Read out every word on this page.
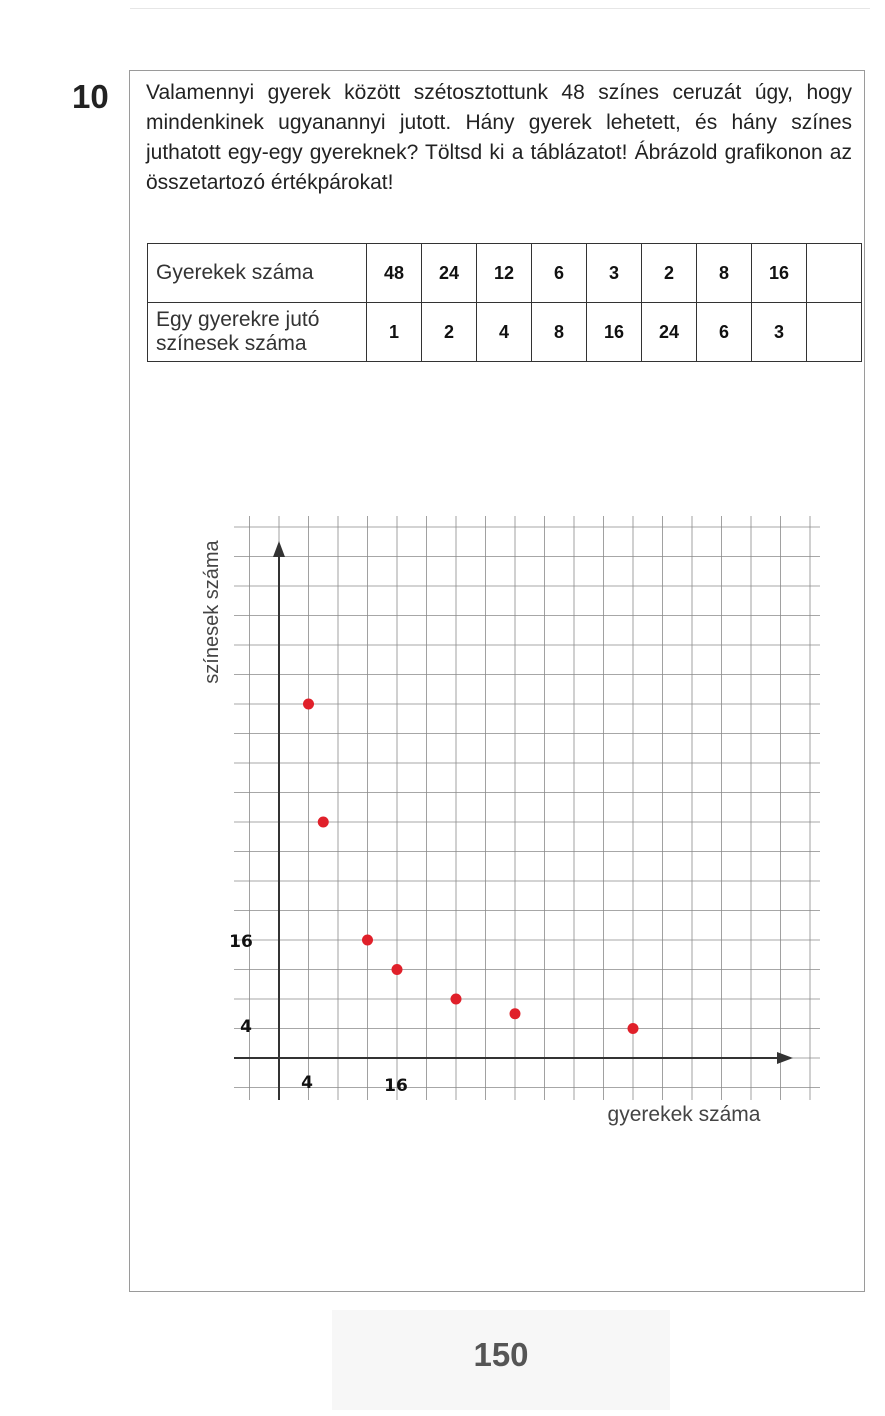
10 Valamennyi gyerek között szétosztottunk 48 színes ceruzát úgy, hogy mindenkinek ugyanannyi jutott. Hány gyerek lehetett, és hány színes juthatott egy-egy gyereknek? Töltsd ki a táblázatot! Ábrázold grafikonon az összetartozó értékpárokat!
Gyerekek száma	48	24	12	6	3	2	8	16	
Egy gyerekre jutó színesek száma	1	2	4	8	16	24	6	3	
színesek száma
gyerekek száma
4	16
4
16
150
